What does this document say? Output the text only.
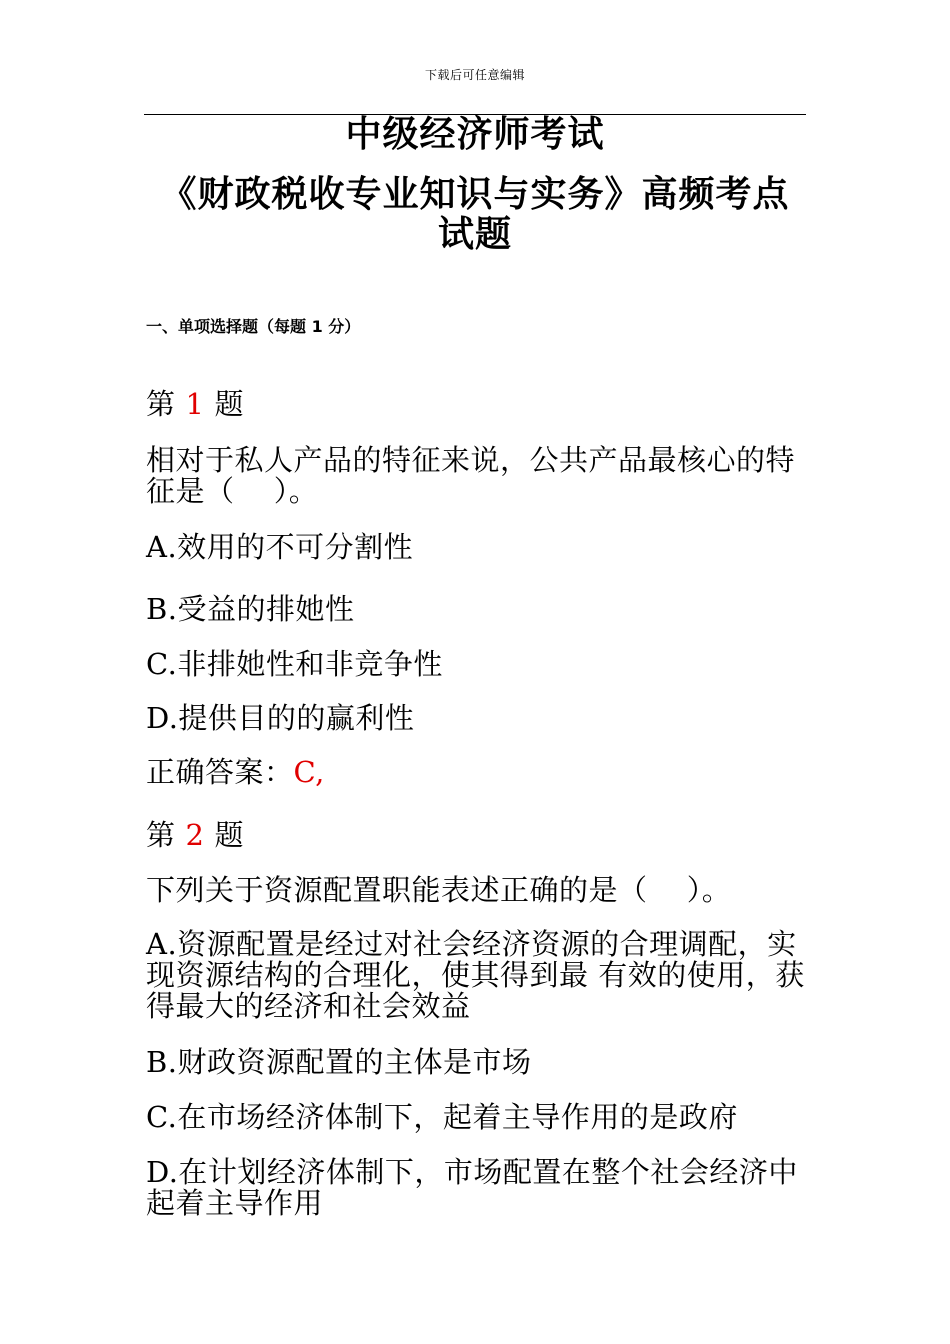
下载后可任意编辑
中级经济师考试
《财政税收专业知识与实务》高频考点
试题
一、单项选择题（每题 1 分）
第 1 题
相对于私人产品的特征来说，公共产品最核心的特征是（　 ）。
A.效用的不可分割性
B.受益的排她性
C.非排她性和非竞争性
D.提供目的的赢利性
正确答案：C,
第 2 题
下列关于资源配置职能表述正确的是（　 ）。
A.资源配置是经过对社会经济资源的合理调配，实现资源结构的合理化，使其得到最 有效的使用，获得最大的经济和社会效益
B.财政资源配置的主体是市场
C.在市场经济体制下，起着主导作用的是政府
D.在计划经济体制下，市场配置在整个社会经济中起着主导作用
